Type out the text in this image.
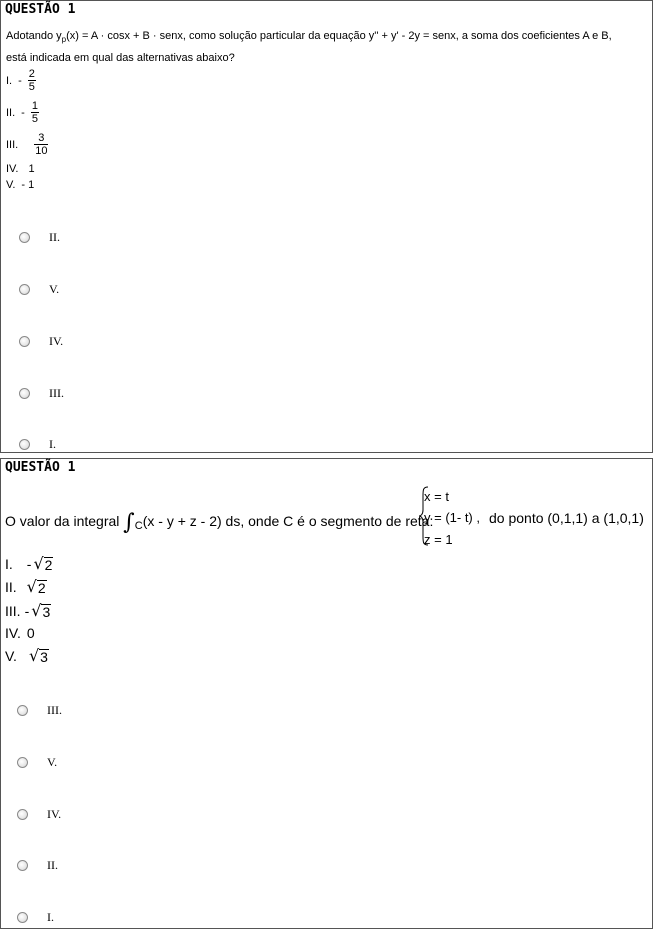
QUESTÃO 1
Adotando $y_p(x) = A \cdot \cos x + B$ · senx, como solução particular da equação y'' + y' - 2y = senx, a soma dos coeficientes A e B,
está indicada em qual das alternativas abaixo?
I. - $\frac{2}{5}$
II. - $\frac{1}{5}$
III. $\frac{3}{10}$
IV. 1
V. - 1
II.
V.
IV.
III.
I.
QUESTÃO 1
O valor da integral $\int_C(x - y + z - 2)$ ds, onde C é o segmento de reta:
x = t
y = (1- t) ,
z = 1
do ponto (0,1,1) a (1,0,1)
I. - √ 2
II. √ 2
III. - √ 3
IV. 0
V. √ 3
III.
V.
IV.
II.
I.
